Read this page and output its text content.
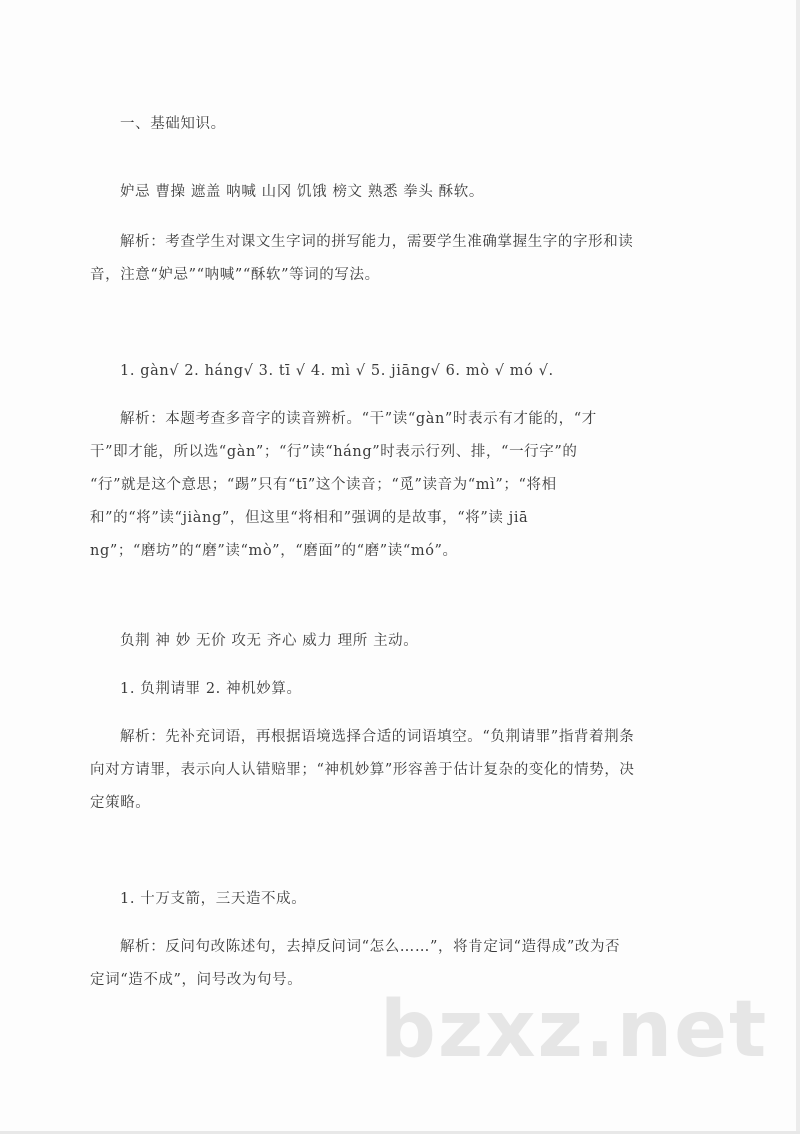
一、基础知识。
妒忌 曹操 遮盖 呐喊 山冈 饥饿 榜文 熟悉 拳头 酥软。
解析：考查学生对课文生字词的拼写能力，需要学生准确掌握生字的字形和读
音，注意“妒忌”“呐喊”“酥软”等词的写法。
1. gàn√ 2. háng√ 3. tī √ 4. mì √ 5. jiāng√ 6. mò √ mó √.
解析：本题考查多音字的读音辨析。“干”读“gàn”时表示有才能的，“才
干”即才能，所以选“gàn”；“行”读“háng”时表示行列、排，“一行字”的
“行”就是这个意思；“踢”只有“tī”这个读音；“觅”读音为“mì”；“将相
和”的“将”读“jiàng”，但这里“将相和”强调的是故事，“将”读 jiā
ng”；“磨坊”的“磨”读“mò”，“磨面”的“磨”读“mó”。
负荆 神 妙 无价 攻无 齐心 威力 理所 主动。
1. 负荆请罪 2. 神机妙算。
解析：先补充词语，再根据语境选择合适的词语填空。“负荆请罪”指背着荆条
向对方请罪，表示向人认错赔罪；“神机妙算”形容善于估计复杂的变化的情势，决
定策略。
1. 十万支箭，三天造不成。
解析：反问句改陈述句，去掉反问词“怎么……”，将肯定词“造得成”改为否
定词“造不成”，问号改为句号。
bzxz.net
